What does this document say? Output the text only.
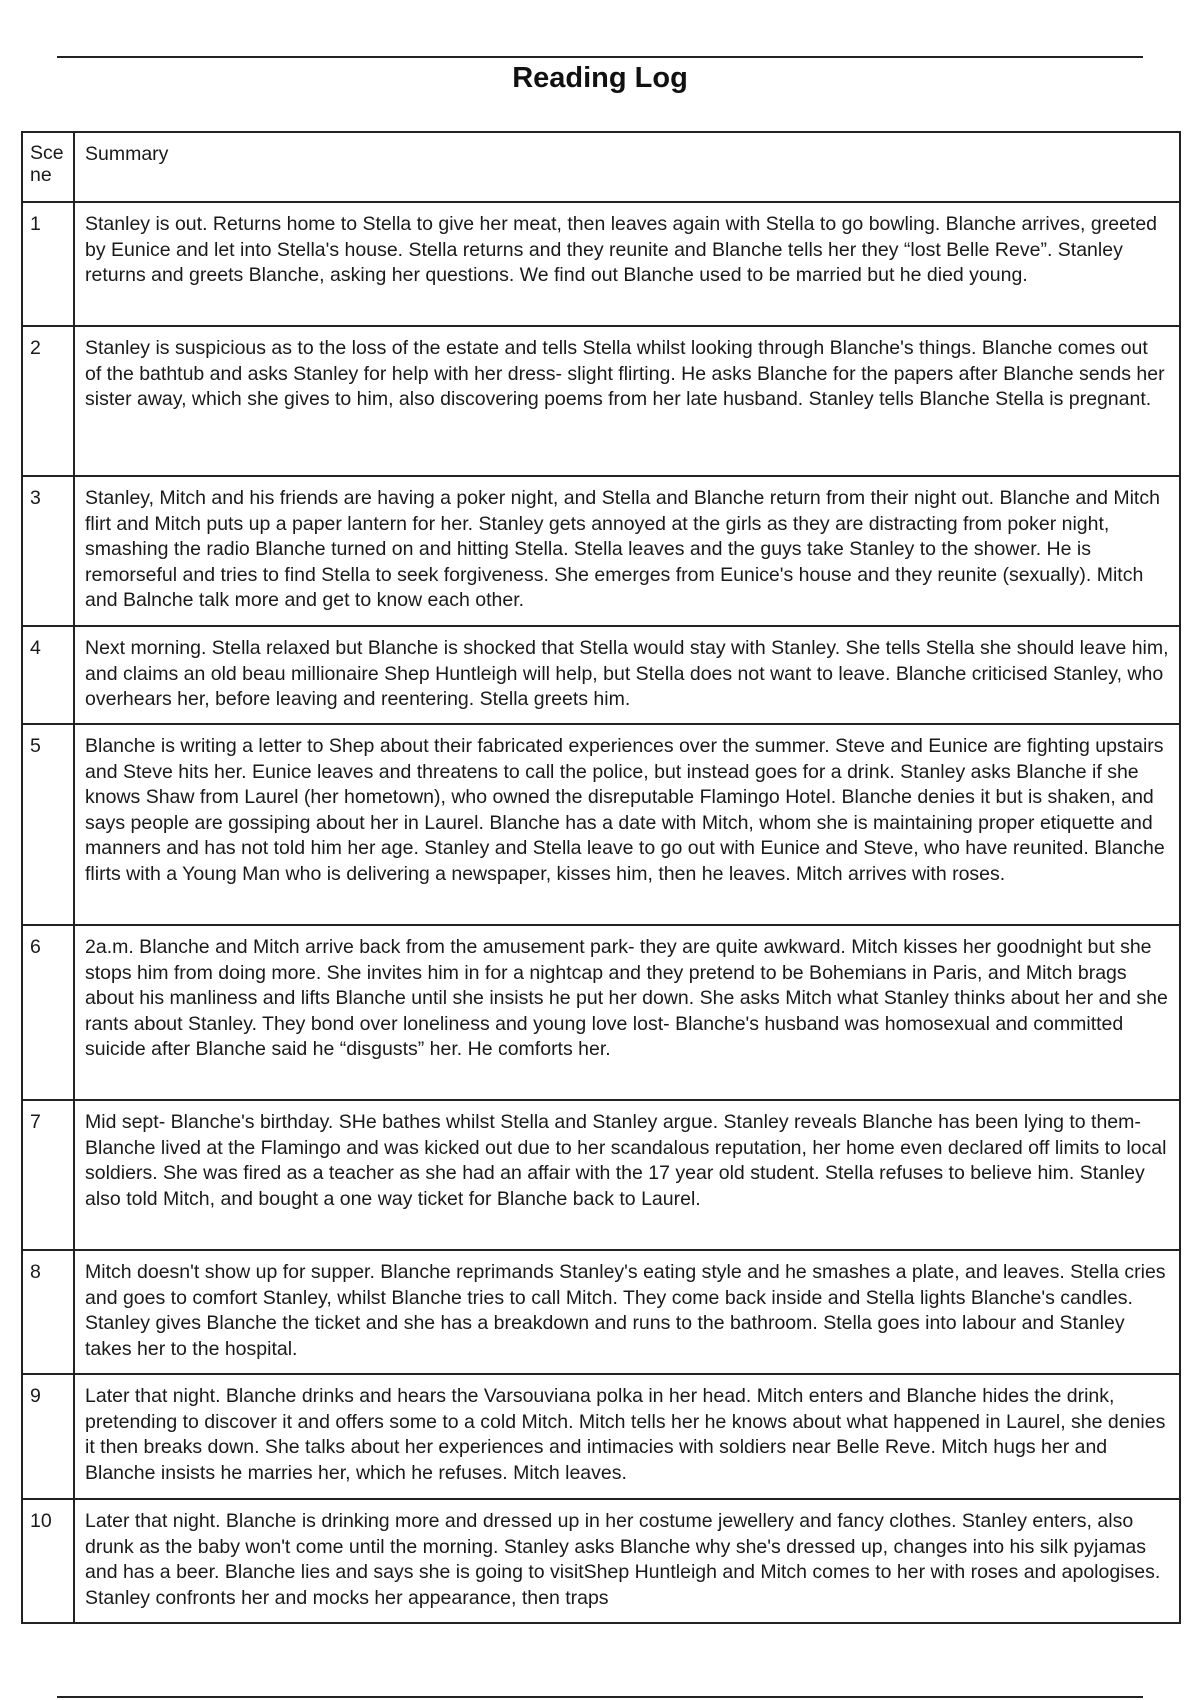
Reading Log
Sce ne	Summary
1	Stanley is out. Returns home to Stella to give her meat, then leaves again with Stella to go bowling. Blanche arrives, greeted by Eunice and let into Stella's house. Stella returns and they reunite and Blanche tells her they “lost Belle Reve”. Stanley returns and greets Blanche, asking her questions. We find out Blanche used to be married but he died young.
2	Stanley is suspicious as to the loss of the estate and tells Stella whilst looking through Blanche's things. Blanche comes out of the bathtub and asks Stanley for help with her dress- slight flirting. He asks Blanche for the papers after Blanche sends her sister away, which she gives to him, also discovering poems from her late husband. Stanley tells Blanche Stella is pregnant.
3	Stanley, Mitch and his friends are having a poker night, and Stella and Blanche return from their night out. Blanche and Mitch flirt and Mitch puts up a paper lantern for her. Stanley gets annoyed at the girls as they are distracting from poker night, smashing the radio Blanche turned on and hitting Stella. Stella leaves and the guys take Stanley to the shower. He is remorseful and tries to find Stella to seek forgiveness. She emerges from Eunice's house and they reunite (sexually). Mitch and Balnche talk more and get to know each other.
4	Next morning. Stella relaxed but Blanche is shocked that Stella would stay with Stanley. She tells Stella she should leave him, and claims an old beau millionaire Shep Huntleigh will help, but Stella does not want to leave. Blanche criticised Stanley, who overhears her, before leaving and reentering. Stella greets him.
5	Blanche is writing a letter to Shep about their fabricated experiences over the summer. Steve and Eunice are fighting upstairs and Steve hits her. Eunice leaves and threatens to call the police, but instead goes for a drink. Stanley asks Blanche if she knows Shaw from Laurel (her hometown), who owned the disreputable Flamingo Hotel. Blanche denies it but is shaken, and says people are gossiping about her in Laurel. Blanche has a date with Mitch, whom she is maintaining proper etiquette and manners and has not told him her age. Stanley and Stella leave to go out with Eunice and Steve, who have reunited. Blanche flirts with a Young Man who is delivering a newspaper, kisses him, then he leaves. Mitch arrives with roses.
6	2a.m. Blanche and Mitch arrive back from the amusement park- they are quite awkward. Mitch kisses her goodnight but she stops him from doing more. She invites him in for a nightcap and they pretend to be Bohemians in Paris, and Mitch brags about his manliness and lifts Blanche until she insists he put her down. She asks Mitch what Stanley thinks about her and she rants about Stanley. They bond over loneliness and young love lost- Blanche's husband was homosexual and committed suicide after Blanche said he “disgusts” her. He comforts her.
7	Mid sept- Blanche's birthday. SHe bathes whilst Stella and Stanley argue. Stanley reveals Blanche has been lying to them- Blanche lived at the Flamingo and was kicked out due to her scandalous reputation, her home even declared off limits to local soldiers. She was fired as a teacher as she had an affair with the 17 year old student. Stella refuses to believe him. Stanley also told Mitch, and bought a one way ticket for Blanche back to Laurel.
8	Mitch doesn't show up for supper. Blanche reprimands Stanley's eating style and he smashes a plate, and leaves. Stella cries and goes to comfort Stanley, whilst Blanche tries to call Mitch. They come back inside and Stella lights Blanche's candles. Stanley gives Blanche the ticket and she has a breakdown and runs to the bathroom. Stella goes into labour and Stanley takes her to the hospital.
9	Later that night. Blanche drinks and hears the Varsouviana polka in her head. Mitch enters and Blanche hides the drink, pretending to discover it and offers some to a cold Mitch. Mitch tells her he knows about what happened in Laurel, she denies it then breaks down. She talks about her experiences and intimacies with soldiers near Belle Reve. Mitch hugs her and Blanche insists he marries her, which he refuses. Mitch leaves.
10	Later that night. Blanche is drinking more and dressed up in her costume jewellery and fancy clothes. Stanley enters, also drunk as the baby won't come until the morning. Stanley asks Blanche why she's dressed up, changes into his silk pyjamas and has a beer. Blanche lies and says she is going to visitShep Huntleigh and Mitch comes to her with roses and apologises. Stanley confronts her and mocks her appearance, then traps
